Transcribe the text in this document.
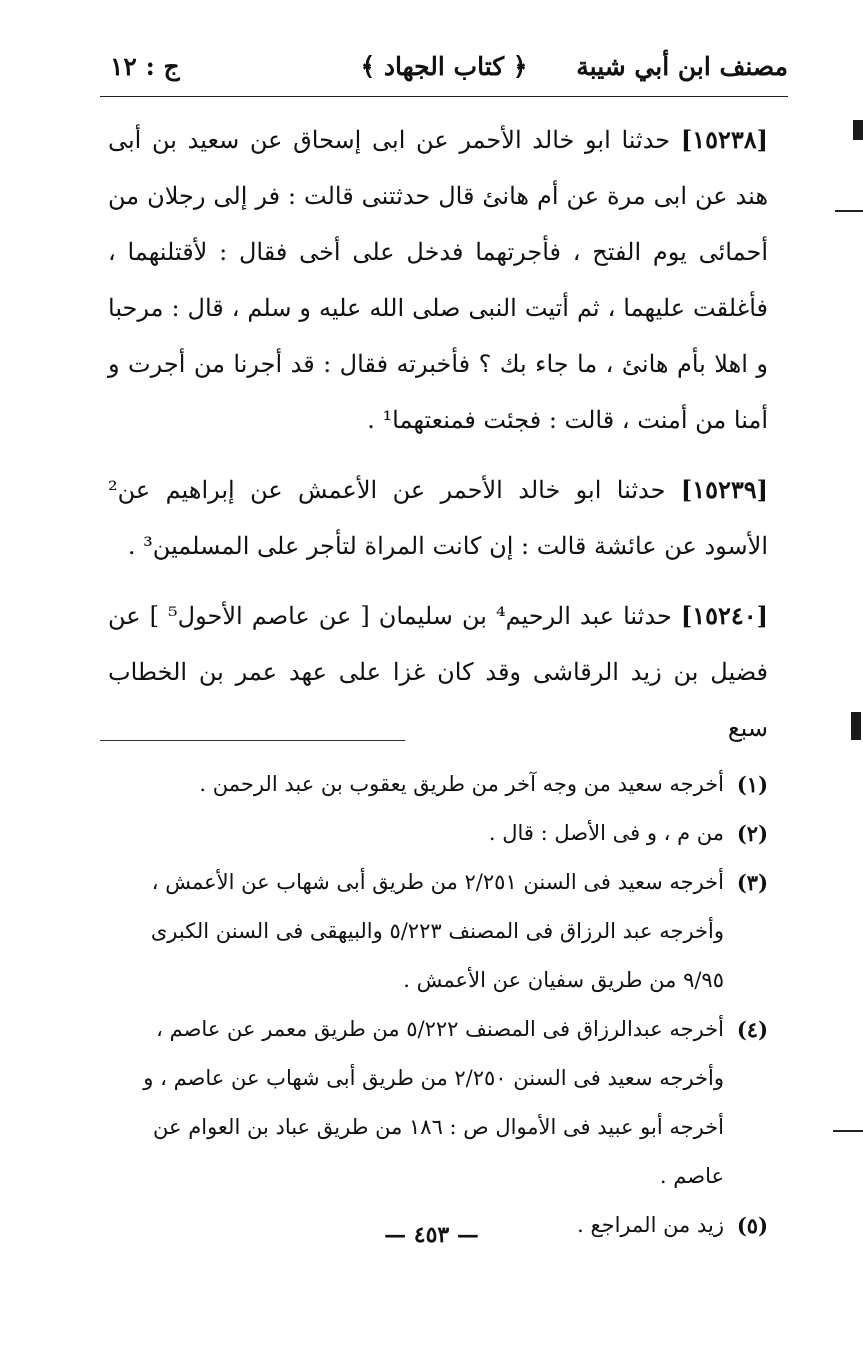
مصنف ابن أبي شيبة
﴿ كتاب الجهاد ﴾
ج : ١٢

[١٥٢٣٨] حدثنا ابو خالد الأحمر عن ابى إسحاق عن سعيد بن أبى هند عن ابى مرة عن أم هانئ قال حدثتنى قالت : فر إلى رجلان من أحمائى يوم الفتح ، فأجرتهما فدخل على أخى فقال : لأقتلنهما ، فأغلقت عليهما ، ثم أتيت النبى صلى الله عليه و سلم ، قال : مرحبا و اهلا بأم هانئ ، ما جاء بك ؟ فأخبرته فقال : قد أجرنا من أجرت و أمنا من أمنت ، قالت : فجئت فمنعتهما¹ .

[١٥٢٣٩] حدثنا ابو خالد الأحمر عن الأعمش عن إبراهيم عن² الأسود عن عائشة قالت : إن كانت المراة لتأجر على المسلمين³ .

[١٥٢٤٠] حدثنا عبد الرحيم⁴ بن سليمان [ عن عاصم الأحول⁵ ] عن فضيل بن زيد الرقاشى وقد كان غزا على عهد عمر بن الخطاب سبع

(١)
أخرجه سعيد من وجه آخر من طريق يعقوب بن عبد الرحمن .

(٢)
من م ، و فى الأصل : قال .

(٣)
أخرجه سعيد فى السنن ٢/٢٥١ من طريق أبى شهاب عن الأعمش ، وأخرجه عبد الرزاق فى المصنف ٥/٢٢٣ والبيهقى فى السنن الكبرى ٩/٩٥ من طريق سفيان عن الأعمش .

(٤)
أخرجه عبدالرزاق فى المصنف ٥/٢٢٢ من طريق معمر عن عاصم ، وأخرجه سعيد فى السنن ٢/٢٥٠ من طريق أبى شهاب عن عاصم ، و أخرجه أبو عبيد فى الأموال ص : ١٨٦ من طريق عباد بن العوام عن عاصم .

(٥)
زيد من المراجع .

— ٤٥٣ —
